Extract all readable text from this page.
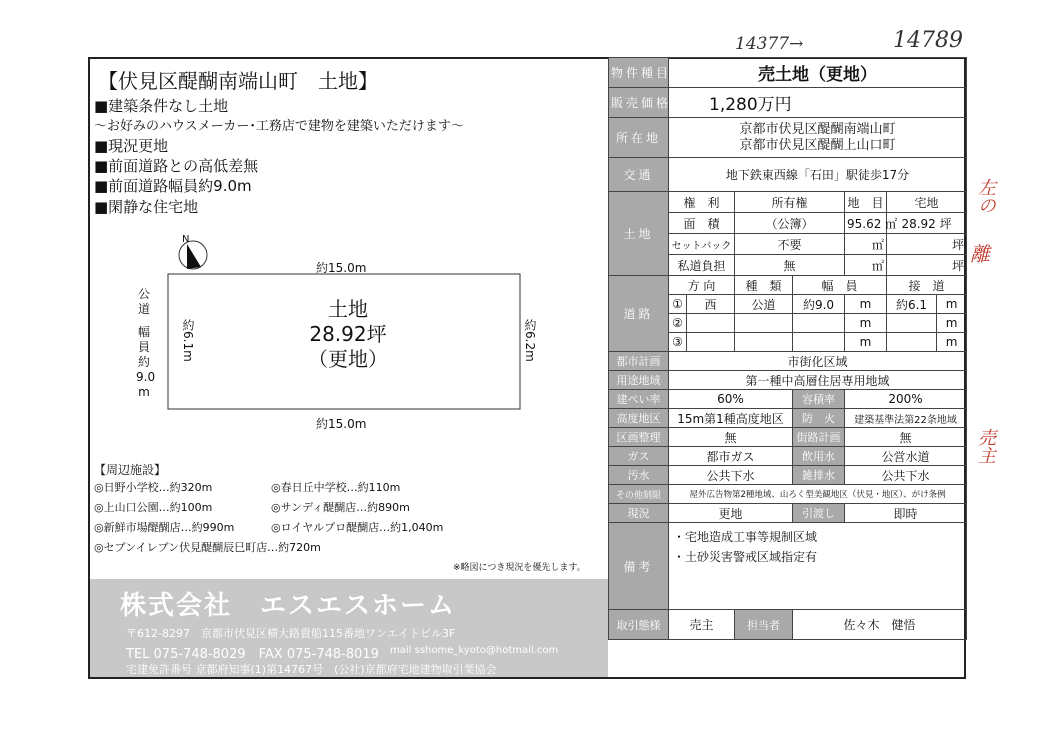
14377→	14789
左の
離
売主
【伏見区醍醐南端山町　土地】
■建築条件なし土地
～お好みのハウスメーカー･工務店で建物を建築いただけます～
■現況更地
■前面道路との高低差無
■前面道路幅員約9.0m
■閑静な住宅地
N
約15.0m
約15.0m
約6.1m	約6.2m
公
道
幅
員
約
9.0
m
土地
28.92坪
（更地）
【周辺施設】
◎日野小学校…約320m	◎春日丘中学校…約110m
◎上山口公園…約100m	◎サンディ醍醐店…約890m
◎新鮮市場醍醐店…約990m	◎ロイヤルプロ醍醐店…約1,040m
◎セブンイレブン伏見醍醐辰巳町店…約720m
※略図につき現況を優先します。
株式会社　エスエスホーム
〒612-8297　京都市伏見区横大路貴船115番地ワンエイトビル3F
TEL 075-748-8029　FAX 075-748-8019 mail sshome_kyoto@hotmail.com
宅建免許番号 京都府知事(1)第14767号　(公社)京都府宅地建物取引業協会
物件種目	売土地（更地）						
販売価格	1,280万円						
所在地	京都市伏見区醍醐南端山町
京都市伏見区醍醐上山口町						

交通	地下鉄東西線「石田」駅徒歩17分						
土地	権　利		所有権		地　目	宅地	
	面　積		（公簿）		95.62 ㎡	28.92 坪	
	セットバック		不要		㎡	坪	
	私道負担		無		㎡	坪	
道路	方 向		種　類	幅　員		接　道	
	①	西	公道	約9.0	m	約6.1	m
	②				m		m
	③				m		m
都市計画	市街化区域						
用途地域	第一種中高層住居専用地域						
建ぺい率	60%			容積率	200%		
高度地区	15m第1種高度地区			防　火	建築基準法第22条地域		
区画整理	無			街路計画	無		
ガス	都市ガス			飲用水	公営水道		
汚水	公共下水			雑排水	公共下水		
その他制限	屋外広告物第2種地域、山ろく型美観地区（伏見・地区）、がけ条例						
現況	更地			引渡し	即時		
備考	・宅地造成工事等規制区域
・土砂災害警戒区域指定有						

取引態様	売主		担当者	佐々木　健悟			
